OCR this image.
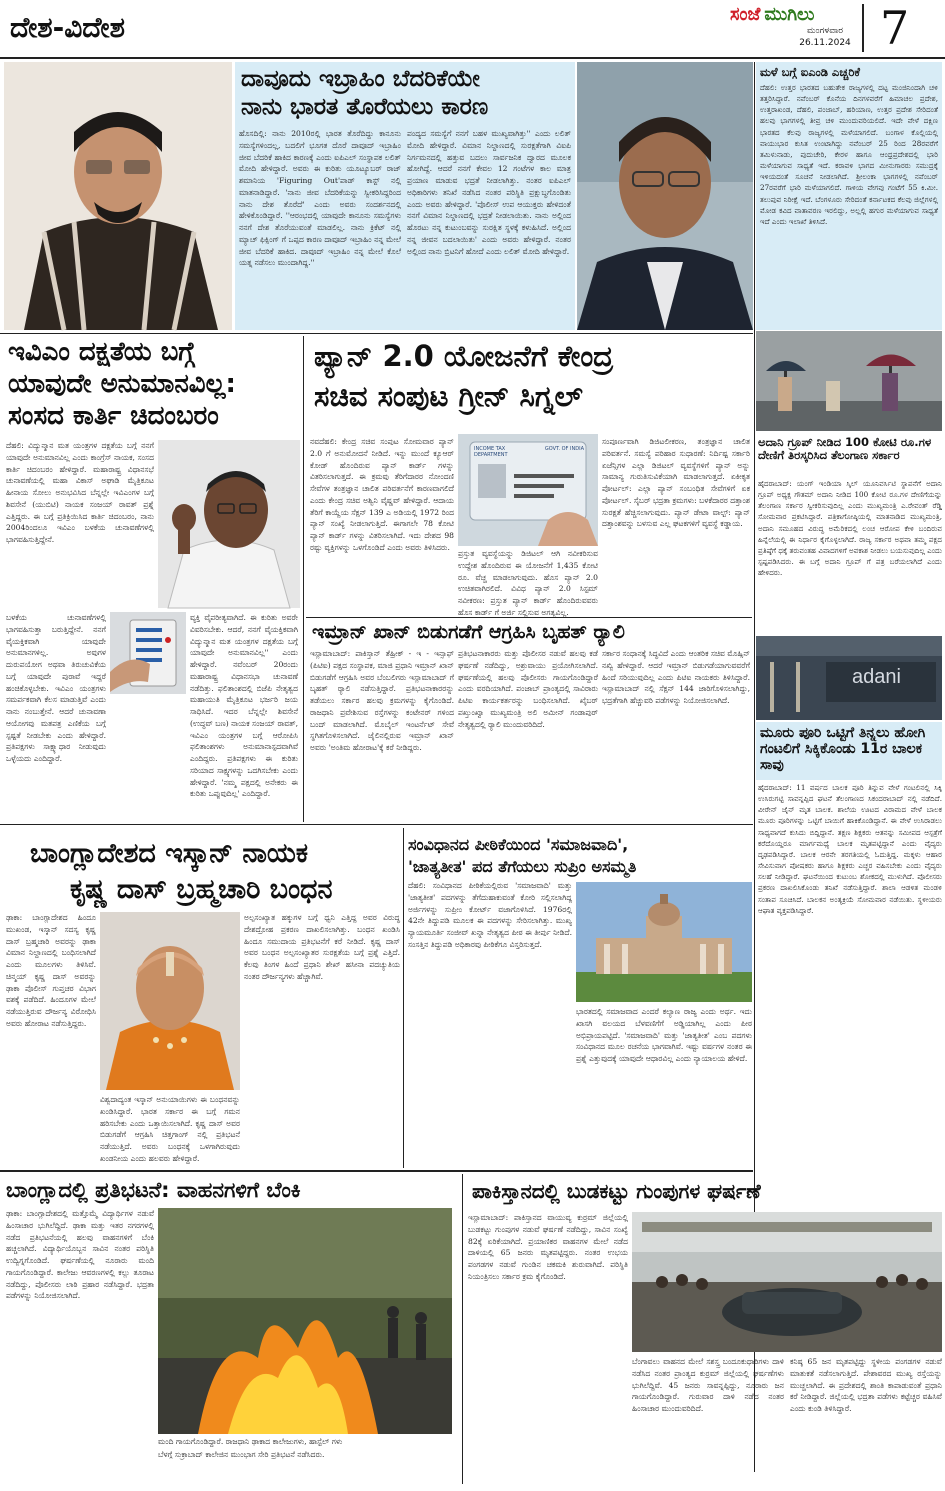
ದೇಶ-ವಿದೇಶ	ಸಂಜೆ ಮುಗಿಲು
ಮಂಗಳವಾರ
26.11.2024 7
ದಾವೂದು ಇಬ್ರಾಹಿಂ ಬೆದರಿಕೆಯೇ
ನಾನು ಭಾರತ ತೊರೆಯಲು ಕಾರಣ
ಹೊಸದಿಲ್ಲಿ: ನಾನು 2010ರಲ್ಲಿ ಭಾರತ ತೊರೆದಿದ್ದು ಕಾನೂನು ಸಮಸ್ಯೆಗಳಿಂದಲ್ಲ, ಬದಲಿಗೆ ಭೂಗತ ದೊರೆ ದಾವೂದ್ ಇಬ್ರಾಹಿಂ ಜೀವ ಬೆದರಿಕೆ ಹಾಕಿದ ಕಾರಣಕ್ಕೆ ಎಂದು ಐಪಿಎಲ್ ಸಂಸ್ಥಾಪಕ ಲಲಿತ್ ಮೋದಿ ಹೇಳಿದ್ದಾರೆ. ಅವರು ಈ ಕುರಿತು ಯೂಟ್ಯೂಬರ್ ರಾಜ್ ಶಮಾನಿಯ 'Figuring Out'ಪಾಡ್ ಕಾಸ್ಟ್ ನಲ್ಲಿ ಮಾತನಾಡಿದ್ದಾರೆ. 'ನಾನು ಜೀವ ಬೆದರಿಕೆಯನ್ನು ಸ್ವೀಕರಿಸಿದ್ದರಿಂದ ನಾನು ದೇಶ ತೊರೆದೆ' ಎಂದು ಅವರು ಸಂದರ್ಶನದಲ್ಲಿ ಹೇಳಿಕೊಂಡಿದ್ದಾರೆ. ''ಆರಂಭದಲ್ಲಿ ಯಾವುದೇ ಕಾನೂನು ಸಮಸ್ಯೆಗಳು ನನಗೆ ದೇಶ ತೊರೆಯುವಂತೆ ಮಾಡಲಿಲ್ಲ. ನಾನು ಕ್ರಿಕೆಟ್ ನಲ್ಲಿ ಮ್ಯಾಚ್ ಫಿಕ್ಸಿಂಗ್ ಗೆ ಒಪ್ಪದ ಕಾರಣ ದಾವೂದ್ ಇಬ್ರಾಹಿಂ ನನ್ನ ಮೇಲೆ ಜೀವ ಬೆದರಿಕೆ ಹಾಕಿದ. ದಾವೂದ್ ಇಬ್ರಾಹಿಂ ನನ್ನ ಮೇಲೆ ಕೊಲೆ ಯತ್ನ ನಡೆಸಲು ಮುಂದಾಗಿದ್ದ.''
ಪಂದ್ಯದ ಸಮಸ್ಯೆಗೆ ನನಗೆ ಬಹಳ ಮುಖ್ಯವಾಗಿತ್ತು'' ಎಂದು ಲಲಿತ್ ಮೋದಿ ಹೇಳಿದ್ದಾರೆ. ವಿಮಾನ ನಿಲ್ದಾಣದಲ್ಲಿ ಸುರಕ್ಷತೆಗಾಗಿ ವಿಐಪಿ ನಿರ್ಗಮನದಲ್ಲಿ ಹತ್ತುವ ಬದಲು ಸಾರ್ವಜನಿಕ ದ್ವಾರದ ಮೂಲಕ ಹೋಗಿದ್ದೆ. ಆದರೆ ನನಗೆ ಕೇವಲ 12 ಗಂಟೆಗಳ ಕಾಲ ಮಾತ್ರ ಪ್ರಯಾಣ ಮಾಡುವ ಭದ್ರತೆ ನೀಡಲಾಗಿತ್ತು. ನಂತರ ಐಪಿಎಲ್ ಅಧಿಕಾರಿಗಳು ತನಿಖೆ ನಡೆಸಿದ ನಂತರ ಪರಿಸ್ಥಿತಿ ಪ್ರಕ್ಷುಬ್ಧಗೊಂಡಿತು ಎಂದು ಅವರು ಹೇಳಿದ್ದಾರೆ. 'ಪೊಲೀಸ್ ಉಪ ಆಯುಕ್ತರು ಹೇಳಿದಂತೆ ನನಗೆ ವಿಮಾನ ನಿಲ್ದಾಣದಲ್ಲಿ ಭದ್ರತೆ ನೀಡಲಾಯಿತು. ನಾನು ಅಲ್ಲಿಂದ ಹೊರಟು ನನ್ನ ಕುಟುಂಬವನ್ನು ಸುರಕ್ಷಿತ ಸ್ಥಳಕ್ಕೆ ಕಳುಹಿಸಿದೆ. ಅಲ್ಲಿಂದ ನನ್ನ ಜೀವನ ಬದಲಾಯಿತು' ಎಂದು ಅವರು ಹೇಳಿದ್ದಾರೆ. ನಂತರ ಅಲ್ಲಿಂದ ನಾನು ಬ್ರಿಟನಿಗೆ ಹೋದೆ ಎಂದು ಲಲಿತ್ ಮೋದಿ ಹೇಳಿದ್ದಾರೆ.
ಮಳೆ ಬಗ್ಗೆ ಐಎಂಡಿ ಎಚ್ಚರಿಕೆ
ದೆಹಲಿ: ಉತ್ತರ ಭಾರತದ ಬಹುತೇಕ ರಾಜ್ಯಗಳಲ್ಲಿ ದಟ್ಟ ಮಂಜಿನಿಂದಾಗಿ ಚಳಿ ತತ್ತರಿಸಿದ್ದಾರೆ. ನವೆಂಬರ್ ಕೊನೆಯ ದಿನಗಳವರೆಗೆ ಹಿಮಾಚಲ ಪ್ರದೇಶ, ಉತ್ತರಾಖಂಡ, ದೆಹಲಿ, ಪಂಜಾಬ್, ಹರಿಯಾಣ, ಉತ್ತರ ಪ್ರದೇಶ ಸೇರಿದಂತೆ ಹಲವು ಭಾಗಗಳಲ್ಲಿ ತೀವ್ರ ಚಳಿ ಮುಂದುವರಿಯಲಿದೆ. ಇದೇ ವೇಳೆ ದಕ್ಷಿಣ ಭಾರತದ ಕೆಲವು ರಾಜ್ಯಗಳಲ್ಲಿ ಮಳೆಯಾಗಲಿದೆ. ಬಂಗಾಳ ಕೊಲ್ಲಿಯಲ್ಲಿ ವಾಯುಭಾರ ಕುಸಿತ ಉಂಟಾಗಿದ್ದು ನವೆಂಬರ್ 25 ರಿಂದ 28ರವರೆಗೆ ತಮಿಳುನಾಡು, ಪುದುಚೇರಿ, ಕೇರಳ ಹಾಗೂ ಆಂಧ್ರಪ್ರದೇಶದಲ್ಲಿ ಭಾರಿ ಮಳೆಯಾಗುವ ಸಾಧ್ಯತೆ ಇದೆ. ಕರಾವಳಿ ಭಾಗದ ಮೀನುಗಾರರು ಸಮುದ್ರಕ್ಕೆ ಇಳಿಯದಂತೆ ಸೂಚನೆ ನೀಡಲಾಗಿದೆ. ಶ್ರೀಲಂಕಾ ಭಾಗಗಳಲ್ಲಿ ನವೆಂಬರ್ 27ರವರೆಗೆ ಭಾರಿ ಮಳೆಯಾಗಲಿದೆ. ಗಾಳಿಯ ವೇಗವು ಗಂಟೆಗೆ 55 ಕಿ.ಮೀ. ತಲುಪುವ ನಿರೀಕ್ಷೆ ಇದೆ. ಬೆಂಗಳೂರು ಸೇರಿದಂತೆ ಕರ್ನಾಟಕದ ಕೆಲವು ಜಿಲ್ಲೆಗಳಲ್ಲಿ ಮೋಡ ಕವಿದ ವಾತಾವರಣ ಇರಲಿದ್ದು, ಅಲ್ಲಲ್ಲಿ ಹಗುರ ಮಳೆಯಾಗುವ ಸಾಧ್ಯತೆ ಇದೆ ಎಂದು ಇಲಾಖೆ ತಿಳಿಸಿದೆ.
ಇವಿಎಂ ದಕ್ಷತೆಯ ಬಗ್ಗೆ
ಯಾವುದೇ ಅನುಮಾನವಿಲ್ಲ:
ಸಂಸದ ಕಾರ್ತಿ ಚಿದಂಬರಂ
ದೆಹಲಿ: ವಿದ್ಯುನ್ಮಾನ ಮತ ಯಂತ್ರಗಳ ದಕ್ಷತೆಯ ಬಗ್ಗೆ ನನಗೆ ಯಾವುದೇ ಅನುಮಾನವಿಲ್ಲ ಎಂದು ಕಾಂಗ್ರೆಸ್ ನಾಯಕ, ಸಂಸದ ಕಾರ್ತಿ ಚಿದಂಬರಂ ಹೇಳಿದ್ದಾರೆ. ಮಹಾರಾಷ್ಟ್ರ ವಿಧಾನಸಭೆ ಚುನಾವಣೆಯಲ್ಲಿ ಮಹಾ ವಿಕಾಸ್ ಅಘಾಡಿ ಮೈತ್ರಿಕೂಟ ಹೀನಾಯ ಸೋಲು ಅನುಭವಿಸಿದ ಬೆನ್ನಲ್ಲೇ ಇವಿಎಂಗಳ ಬಗ್ಗೆ ಶಿವಸೇನೆ (ಯುಬಿಟಿ) ನಾಯಕ ಸಂಜಯ್ ರಾವತ್ ಪ್ರಶ್ನೆ ಎತ್ತಿದ್ದರು. ಈ ಬಗ್ಗೆ ಪ್ರತಿಕ್ರಿಯಿಸಿದ ಕಾರ್ತಿ ಚಿದಂಬರಂ, ನಾನು 2004ರಿಂದಲೂ ಇವಿಎಂ ಬಳಕೆಯ ಚುನಾವಣೆಗಳಲ್ಲಿ ಭಾಗವಹಿಸುತ್ತಿದ್ದೇನೆ.
ಬಳಕೆಯ ಚುನಾವಣೆಗಳಲ್ಲಿ ಭಾಗವಹಿಸುತ್ತಾ ಬರುತ್ತಿದ್ದೇನೆ. ನನಗೆ ವೈಯಕ್ತಿಕವಾಗಿ ಯಾವುದೇ ಅನುಮಾನಗಳಿಲ್ಲ. ಅವುಗಳ ದುರುಪಯೋಗ ಅಥವಾ ತಿರುಚುವಿಕೆಯ ಬಗ್ಗೆ ಯಾವುದೇ ಪುರಾವೆ ಇದ್ದರೆ ಹಂಚಿಕೊಳ್ಳಬೇಕು. ಇವಿಎಂ ಯಂತ್ರಗಳು ಸಮರ್ಪಕವಾಗಿ ಕೆಲಸ ಮಾಡುತ್ತಿವೆ ಎಂದು ನಾನು ನಂಬುತ್ತೇನೆ. ಆದರೆ ಚುನಾವಣಾ ಆಯೋಗವು ಮತಪತ್ರ ಎಣಿಕೆಯ ಬಗ್ಗೆ ಸ್ಪಷ್ಟತೆ ನೀಡಬೇಕು ಎಂದು ಹೇಳಿದ್ದಾರೆ. ಪ್ರತಿಪಕ್ಷಗಳು ಸಾಕ್ಷ್ಯಾಧಾರ ನೀಡುವುದು ಒಳ್ಳೆಯದು ಎಂದಿದ್ದಾರೆ.
ವ್ಯಕ್ತಿ ವೈಪರೀತ್ಯವಾಗಿದೆ. ಈ ಕುರಿತು ಅವರೇ ವಿವರಿಸಬೇಕು. ಆದರೆ, ನನಗೆ ವೈಯಕ್ತಿಕವಾಗಿ ವಿದ್ಯುನ್ಮಾನ ಮತ ಯಂತ್ರಗಳ ದಕ್ಷತೆಯ ಬಗ್ಗೆ ಯಾವುದೇ ಅನುಮಾನವಿಲ್ಲ'' ಎಂದು ಹೇಳಿದ್ದಾರೆ. ನವೆಂಬರ್ 20ರಂದು ಮಹಾರಾಷ್ಟ್ರ ವಿಧಾನಸಭಾ ಚುನಾವಣೆ ನಡೆದಿತ್ತು. ಫಲಿತಾಂಶದಲ್ಲಿ ಬಿಜೆಪಿ ನೇತೃತ್ವದ ಮಹಾಯುತಿ ಮೈತ್ರಿಕೂಟ ಭರ್ಜರಿ ಜಯ ಸಾಧಿಸಿದೆ. ಇದರ ಬೆನ್ನಲ್ಲೇ ಶಿವಸೇನೆ (ಉದ್ಧವ್ ಬಣ) ನಾಯಕ ಸಂಜಯ್ ರಾವತ್, ಇವಿಎಂ ಯಂತ್ರಗಳ ಬಗ್ಗೆ ಆರೋಪಿಸಿ ಫಲಿತಾಂಶಗಳು ಅನುಮಾನಾಸ್ಪದವಾಗಿವೆ ಎಂದಿದ್ದರು. ಪ್ರತಿಪಕ್ಷಗಳು ಈ ಕುರಿತು ಸರಿಯಾದ ಸಾಕ್ಷ್ಯಗಳನ್ನು ಒದಗಿಸಬೇಕು ಎಂದು ಹೇಳಿದ್ದಾರೆ. 'ನಮ್ಮ ಪಕ್ಷದಲ್ಲಿ ಅನೇಕರು ಈ ಕುರಿತು ಒಪ್ಪುವುದಿಲ್ಲ' ಎಂದಿದ್ದಾರೆ.
ಪ್ಯಾನ್ 2.0 ಯೋಜನೆಗೆ ಕೇಂದ್ರ
ಸಚಿವ ಸಂಪುಟ ಗ್ರೀನ್ ಸಿಗ್ನಲ್
ನವದೆಹಲಿ: ಕೇಂದ್ರ ಸಚಿವ ಸಂಪುಟ ಸೋಮವಾರ ಪ್ಯಾನ್ 2.0 ಗೆ ಅನುಮೋದನೆ ನೀಡಿದೆ. ಇನ್ನು ಮುಂದೆ ಕ್ಯೂಆರ್ ಕೋಡ್ ಹೊಂದಿರುವ ಪ್ಯಾನ್ ಕಾರ್ಡ್ ಗಳನ್ನು ವಿತರಿಸಲಾಗುತ್ತದೆ. ಈ ಕ್ರಮವು ತೆರಿಗೆದಾರರ ನೋಂದಣಿ ಸೇವೆಗಳ ತಂತ್ರಜ್ಞಾನ ಚಾಲಿತ ಪರಿವರ್ತನೆಗೆ ಕಾರಣವಾಗಲಿದೆ ಎಂದು ಕೇಂದ್ರ ಸಚಿವ ಅಶ್ವಿನಿ ವೈಷ್ಣವ್ ಹೇಳಿದ್ದಾರೆ. ಆದಾಯ ತೆರಿಗೆ ಕಾಯ್ದೆಯ ಸೆಕ್ಷನ್ 139 ಎ ಅಡಿಯಲ್ಲಿ 1972 ರಿಂದ ಪ್ಯಾನ್ ಸಂಖ್ಯೆ ನೀಡಲಾಗುತ್ತಿದೆ. ಈಗಾಗಲೇ 78 ಕೋಟಿ ಪ್ಯಾನ್ ಕಾರ್ಡ್ ಗಳನ್ನು ವಿತರಿಸಲಾಗಿದೆ. ಇದು ದೇಶದ 98 ರಷ್ಟು ವ್ಯಕ್ತಿಗಳನ್ನು ಒಳಗೊಂಡಿದೆ ಎಂದು ಅವರು ತಿಳಿಸಿದರು.
INCOME TAX DEPARTMENT
GOVT. OF INDIA
ಪ್ರಸ್ತುತ ವ್ಯವಸ್ಥೆಯನ್ನು ಡಿಜಿಟಲ್ ಆಗಿ ನವೀಕರಿಸುವ ಉದ್ದೇಶ ಹೊಂದಿರುವ ಈ ಯೋಜನೆಗೆ 1,435 ಕೋಟಿ ರೂ. ವೆಚ್ಚ ಮಾಡಲಾಗುವುದು. ಹೊಸ ಪ್ಯಾನ್ 2.0 ಉಚಿತವಾಗಿರಲಿದೆ. ವಿವಿಧ ಪ್ಯಾನ್ 2.0 ಸಿಸ್ಟಮ್ ನವೀಕರಣ: ಪ್ರಸ್ತುತ ಪ್ಯಾನ್ ಕಾರ್ಡ್ ಹೊಂದಿರುವವರು ಹೊಸ ಕಾರ್ಡ್ ಗೆ ಅರ್ಜಿ ಸಲ್ಲಿಸುವ ಅಗತ್ಯವಿಲ್ಲ.
ಸಂಪೂರ್ಣವಾಗಿ ಡಿಜಿಟಲೀಕರಣ, ತಂತ್ರಜ್ಞಾನ ಚಾಲಿತ ಪರಿವರ್ತನೆ. ಸಮಸ್ಯೆ ಪರಿಹಾರ ಸುಧಾರಣೆ: ನಿರ್ದಿಷ್ಟ ಸರ್ಕಾರಿ ಏಜೆನ್ಸಿಗಳ ಎಲ್ಲಾ ಡಿಜಿಟಲ್ ವ್ಯವಸ್ಥೆಗಳಿಗೆ ಪ್ಯಾನ್ ಅನ್ನು ಸಾಮಾನ್ಯ ಗುರುತಿಸುವಿಕೆಯಾಗಿ ಮಾಡಲಾಗುತ್ತದೆ. ಏಕೀಕೃತ ಪೋರ್ಟಲ್: ಎಲ್ಲಾ ಪ್ಯಾನ್ ಸಂಬಂಧಿತ ಸೇವೆಗಳಿಗೆ ಏಕ ಪೋರ್ಟಲ್. ಸೈಬರ್ ಭದ್ರತಾ ಕ್ರಮಗಳು: ಬಳಕೆದಾರರ ದತ್ತಾಂಶ ಸುರಕ್ಷತೆ ಹೆಚ್ಚಿಸಲಾಗುವುದು. ಪ್ಯಾನ್ ಡೇಟಾ ವಾಲ್ಟ್: ಪ್ಯಾನ್ ದತ್ತಾಂಶವನ್ನು ಬಳಸುವ ಎಲ್ಲ ಘಟಕಗಳಿಗೆ ವ್ಯವಸ್ಥೆ ಕಡ್ಡಾಯ.
ಇಮ್ರಾನ್ ಖಾನ್ ಬಿಡುಗಡೆಗೆ ಆಗ್ರಹಿಸಿ ಬೃಹತ್ ರ‍್ಯಾಲಿ
ಇಸ್ಲಾಮಾಬಾದ್: ಪಾಕಿಸ್ತಾನ್ ತೆಹ್ರೀಕ್ - ಇ - ಇನ್ಸಾಫ್ (ಪಿಟಿಐ) ಪಕ್ಷದ ಸಂಸ್ಥಾಪಕ, ಮಾಜಿ ಪ್ರಧಾನಿ ಇಮ್ರಾನ್ ಖಾನ್ ಬಿಡುಗಡೆಗೆ ಆಗ್ರಹಿಸಿ ಅವರ ಬೆಂಬಲಿಗರು ಇಸ್ಲಾಮಾಬಾದ್ ಗೆ ಬೃಹತ್ ರ‍್ಯಾಲಿ ನಡೆಸುತ್ತಿದ್ದಾರೆ. ಪ್ರತಿಭಟನಾಕಾರರನ್ನು ತಡೆಯಲು ಸರ್ಕಾರ ಹಲವು ಕ್ರಮಗಳನ್ನು ಕೈಗೊಂಡಿದೆ. ರಾಜಧಾನಿ ಪ್ರವೇಶಿಸುವ ರಸ್ತೆಗಳನ್ನು ಕಂಟೇನರ್ ಗಳಿಂದ ಬಂದ್ ಮಾಡಲಾಗಿದೆ. ಮೊಬೈಲ್ ಇಂಟರ್ನೆಟ್ ಸೇವೆ ಸ್ಥಗಿತಗೊಳಿಸಲಾಗಿದೆ. ಜೈಲಿನಲ್ಲಿರುವ ಇಮ್ರಾನ್ ಖಾನ್ ಅವರು 'ಅಂತಿಮ ಹೋರಾಟ'ಕ್ಕೆ ಕರೆ ನೀಡಿದ್ದರು.
ಪ್ರತಿಭಟನಾಕಾರರು ಮತ್ತು ಪೊಲೀಸರ ನಡುವೆ ಹಲವು ಕಡೆ ಘರ್ಷಣೆ ನಡೆದಿದ್ದು, ಅಶ್ರುವಾಯು ಪ್ರಯೋಗಿಸಲಾಗಿದೆ. ಘರ್ಷಣೆಯಲ್ಲಿ ಹಲವು ಪೊಲೀಸರು ಗಾಯಗೊಂಡಿದ್ದಾರೆ ಎಂದು ವರದಿಯಾಗಿದೆ. ಪಂಜಾಬ್ ಪ್ರಾಂತ್ಯದಲ್ಲಿ ಸಾವಿರಾರು ಪಿಟಿಐ ಕಾರ್ಯಕರ್ತರನ್ನು ಬಂಧಿಸಲಾಗಿದೆ. ಖೈಬರ್ ಪಖ್ತುಂಖ್ವಾ ಮುಖ್ಯಮಂತ್ರಿ ಅಲಿ ಅಮೀನ್ ಗಂಡಾಪುರ್ ನೇತೃತ್ವದಲ್ಲಿ ರ‍್ಯಾಲಿ ಮುಂದುವರಿದಿದೆ.
ಸರ್ಕಾರ ಸಂಧಾನಕ್ಕೆ ಸಿದ್ಧವಿದೆ ಎಂದು ಆಂತರಿಕ ಸಚಿವ ಮೊಹ್ಸಿನ್ ನಖ್ವಿ ಹೇಳಿದ್ದಾರೆ. ಆದರೆ ಇಮ್ರಾನ್ ಬಿಡುಗಡೆಯಾಗುವವರೆಗೆ ಹಿಂದೆ ಸರಿಯುವುದಿಲ್ಲ ಎಂದು ಪಿಟಿಐ ನಾಯಕರು ತಿಳಿಸಿದ್ದಾರೆ. ಇಸ್ಲಾಮಾಬಾದ್ ನಲ್ಲಿ ಸೆಕ್ಷನ್ 144 ಜಾರಿಗೊಳಿಸಲಾಗಿದ್ದು, ಭದ್ರತೆಗಾಗಿ ಹೆಚ್ಚುವರಿ ಪಡೆಗಳನ್ನು ನಿಯೋಜಿಸಲಾಗಿದೆ.
ಅದಾನಿ ಗ್ರೂಪ್ ನೀಡಿದ 100 ಕೋಟಿ ರೂ.ಗಳ ದೇಣಿಗೆ ತಿರಸ್ಕರಿಸಿದ ತೆಲಂಗಾಣ ಸರ್ಕಾರ
ಹೈದರಾಬಾದ್: ಯಂಗ್ ಇಂಡಿಯಾ ಸ್ಕಿಲ್ ಯೂನಿವರ್ಸಿಟಿ ಸ್ಥಾಪನೆಗೆ ಅದಾನಿ ಗ್ರೂಪ್ ಅಧ್ಯಕ್ಷ ಗೌತಮ್ ಅದಾನಿ ನೀಡಿದ 100 ಕೋಟಿ ರೂ.ಗಳ ದೇಣಿಗೆಯನ್ನು ತೆಲಂಗಾಣ ಸರ್ಕಾರ ಸ್ವೀಕರಿಸುವುದಿಲ್ಲ ಎಂದು ಮುಖ್ಯಮಂತ್ರಿ ಎ.ರೇವಂತ್ ರೆಡ್ಡಿ ಸೋಮವಾರ ಪ್ರಕಟಿಸಿದ್ದಾರೆ. ಪತ್ರಿಕಾಗೋಷ್ಠಿಯಲ್ಲಿ ಮಾತನಾಡಿದ ಮುಖ್ಯಮಂತ್ರಿ, ಅದಾನಿ ಸಮೂಹದ ವಿರುದ್ಧ ಅಮೆರಿಕದಲ್ಲಿ ಲಂಚ ಆರೋಪ ಕೇಳಿ ಬಂದಿರುವ ಹಿನ್ನೆಲೆಯಲ್ಲಿ ಈ ನಿರ್ಧಾರ ಕೈಗೊಳ್ಳಲಾಗಿದೆ. ರಾಜ್ಯ ಸರ್ಕಾರ ಅಥವಾ ತಮ್ಮ ಪಕ್ಷದ ಪ್ರತಿಷ್ಠೆಗೆ ಧಕ್ಕೆ ತರುವಂತಹ ವಿವಾದಗಳಿಗೆ ಅವಕಾಶ ನೀಡಲು ಬಯಸುವುದಿಲ್ಲ ಎಂದು ಸ್ಪಷ್ಟಪಡಿಸಿದರು. ಈ ಬಗ್ಗೆ ಅದಾನಿ ಗ್ರೂಪ್ ಗೆ ಪತ್ರ ಬರೆಯಲಾಗಿದೆ ಎಂದು ಹೇಳಿದರು.
adani
ಮೂರು ಪೂರಿ ಒಟ್ಟಿಗೆ ತಿನ್ನಲು ಹೋಗಿ ಗಂಟಲಿಗೆ ಸಿಕ್ಕಿಕೊಂಡು 11ರ ಬಾಲಕ ಸಾವು
ಹೈದರಾಬಾದ್: 11 ವರ್ಷದ ಬಾಲಕ ಪೂರಿ ತಿನ್ನುವ ವೇಳೆ ಗಂಟಲಿನಲ್ಲಿ ಸಿಕ್ಕಿ ಉಸಿರುಗಟ್ಟಿ ಸಾವನ್ನಪ್ಪಿದ ಘಟನೆ ತೆಲಂಗಾಣದ ಸಿಕಂದರಾಬಾದ್ ನಲ್ಲಿ ನಡೆದಿದೆ. ವೀರೇನ್ ಜೈನ್ ಮೃತ ಬಾಲಕ. ಶಾಲೆಯ ಊಟದ ವಿರಾಮದ ವೇಳೆ ಬಾಲಕ ಮೂರು ಪೂರಿಗಳನ್ನು ಒಟ್ಟಿಗೆ ಬಾಯಿಗೆ ಹಾಕಿಕೊಂಡಿದ್ದಾನೆ. ಈ ವೇಳೆ ಉಸಿರಾಡಲು ಸಾಧ್ಯವಾಗದೆ ಕುಸಿದು ಬಿದ್ದಿದ್ದಾನೆ. ತಕ್ಷಣ ಶಿಕ್ಷಕರು ಆತನನ್ನು ಸಮೀಪದ ಆಸ್ಪತ್ರೆಗೆ ಕರೆದೊಯ್ದರೂ ಮಾರ್ಗಮಧ್ಯೆ ಬಾಲಕ ಮೃತಪಟ್ಟಿದ್ದಾನೆ ಎಂದು ವೈದ್ಯರು ದೃಢಪಡಿಸಿದ್ದಾರೆ. ಬಾಲಕ ಆರನೇ ತರಗತಿಯಲ್ಲಿ ಓದುತ್ತಿದ್ದ. ಮಕ್ಕಳು ಆಹಾರ ಸೇವಿಸುವಾಗ ಪೋಷಕರು ಹಾಗೂ ಶಿಕ್ಷಕರು ಎಚ್ಚರ ವಹಿಸಬೇಕು ಎಂದು ವೈದ್ಯರು ಸಲಹೆ ನೀಡಿದ್ದಾರೆ. ಘಟನೆಯಿಂದ ಕುಟುಂಬ ಶೋಕದಲ್ಲಿ ಮುಳುಗಿದೆ. ಪೊಲೀಸರು ಪ್ರಕರಣ ದಾಖಲಿಸಿಕೊಂಡು ತನಿಖೆ ನಡೆಸುತ್ತಿದ್ದಾರೆ. ಶಾಲಾ ಆಡಳಿತ ಮಂಡಳಿ ಸಂತಾಪ ಸೂಚಿಸಿದೆ. ಬಾಲಕನ ಅಂತ್ಯಕ್ರಿಯೆ ಸೋಮವಾರ ನಡೆಯಿತು. ಸ್ಥಳೀಯರು ಆಘಾತ ವ್ಯಕ್ತಪಡಿಸಿದ್ದಾರೆ.
ಬಾಂಗ್ಲಾದೇಶದ ಇಸ್ಕಾನ್ ನಾಯಕ
ಕೃಷ್ಣ ದಾಸ್ ಬ್ರಹ್ಮಚಾರಿ ಬಂಧನ
ಢಾಕಾ: ಬಾಂಗ್ಲಾದೇಶದ ಹಿಂದೂ ಮುಖಂಡ, ಇಸ್ಕಾನ್ ಸದಸ್ಯ ಕೃಷ್ಣ ದಾಸ್ ಬ್ರಹ್ಮಚಾರಿ ಅವರನ್ನು ಢಾಕಾ ವಿಮಾನ ನಿಲ್ದಾಣದಲ್ಲಿ ಬಂಧಿಸಲಾಗಿದೆ ಎಂದು ಮೂಲಗಳು ತಿಳಿಸಿವೆ. ಚಿನ್ಮಯ್ ಕೃಷ್ಣ ದಾಸ್ ಅವರನ್ನು ಢಾಕಾ ಪೊಲೀಸ್ ಗುಪ್ತಚರ ವಿಭಾಗ ವಶಕ್ಕೆ ಪಡೆದಿದೆ. ಹಿಂದೂಗಳ ಮೇಲೆ ನಡೆಯುತ್ತಿರುವ ದೌರ್ಜನ್ಯ ವಿರೋಧಿಸಿ ಅವರು ಹೋರಾಟ ನಡೆಸುತ್ತಿದ್ದರು.
ಅಲ್ಪಸಂಖ್ಯಾತ ಹಕ್ಕುಗಳ ಬಗ್ಗೆ ಧ್ವನಿ ಎತ್ತಿದ್ದ ಅವರ ವಿರುದ್ಧ ದೇಶದ್ರೋಹ ಪ್ರಕರಣ ದಾಖಲಿಸಲಾಗಿತ್ತು. ಬಂಧನ ಖಂಡಿಸಿ ಹಿಂದೂ ಸಮುದಾಯ ಪ್ರತಿಭಟನೆಗೆ ಕರೆ ನೀಡಿದೆ. ಕೃಷ್ಣ ದಾಸ್ ಅವರ ಬಂಧನ ಅಲ್ಪಸಂಖ್ಯಾತರ ಸುರಕ್ಷತೆಯ ಬಗ್ಗೆ ಪ್ರಶ್ನೆ ಎತ್ತಿದೆ. ಕೆಲವು ತಿಂಗಳ ಹಿಂದೆ ಪ್ರಧಾನಿ ಶೇಖ್ ಹಸೀನಾ ಪದಚ್ಯುತಿಯ ನಂತರ ದೌರ್ಜನ್ಯಗಳು ಹೆಚ್ಚಾಗಿವೆ.
ವಿಶ್ವದಾದ್ಯಂತ ಇಸ್ಕಾನ್ ಅನುಯಾಯಿಗಳು ಈ ಬಂಧನವನ್ನು ಖಂಡಿಸಿದ್ದಾರೆ. ಭಾರತ ಸರ್ಕಾರ ಈ ಬಗ್ಗೆ ಗಮನ ಹರಿಸಬೇಕು ಎಂದು ಒತ್ತಾಯಿಸಲಾಗಿದೆ. ಕೃಷ್ಣ ದಾಸ್ ಅವರ ಬಿಡುಗಡೆಗೆ ಆಗ್ರಹಿಸಿ ಚಿತ್ತಗಾಂಗ್ ನಲ್ಲಿ ಪ್ರತಿಭಟನೆ ನಡೆಯುತ್ತಿದೆ. ಅವರು ಬಂಧನಕ್ಕೆ ಒಳಗಾಗಿರುವುದು ಖಂಡನೀಯ ಎಂದು ಹಲವರು ಹೇಳಿದ್ದಾರೆ.
ಸಂವಿಧಾನದ ಪೀಠಿಕೆಯಿಂದ 'ಸಮಾಜವಾದಿ',
'ಜಾತ್ಯತೀತ' ಪದ ತೆಗೆಯಲು ಸುಪ್ರಿಂ ಅಸಮ್ಮತಿ
ದೆಹಲಿ: ಸಂವಿಧಾನದ ಪೀಠಿಕೆಯಲ್ಲಿರುವ 'ಸಮಾಜವಾದಿ' ಮತ್ತು 'ಜಾತ್ಯತೀತ' ಪದಗಳನ್ನು ತೆಗೆದುಹಾಕುವಂತೆ ಕೋರಿ ಸಲ್ಲಿಸಲಾಗಿದ್ದ ಅರ್ಜಿಗಳನ್ನು ಸುಪ್ರೀಂ ಕೋರ್ಟ್ ವಜಾಗೊಳಿಸಿದೆ. 1976ರಲ್ಲಿ 42ನೇ ತಿದ್ದುಪಡಿ ಮೂಲಕ ಈ ಪದಗಳನ್ನು ಸೇರಿಸಲಾಗಿತ್ತು. ಮುಖ್ಯ ನ್ಯಾಯಮೂರ್ತಿ ಸಂಜೀವ್ ಖನ್ನಾ ನೇತೃತ್ವದ ಪೀಠ ಈ ತೀರ್ಪು ನೀಡಿದೆ. ಸಂಸತ್ತಿನ ತಿದ್ದುಪಡಿ ಅಧಿಕಾರವು ಪೀಠಿಕೆಗೂ ವಿಸ್ತರಿಸುತ್ತದೆ.
ಭಾರತದಲ್ಲಿ ಸಮಾಜವಾದ ಎಂದರೆ ಕಲ್ಯಾಣ ರಾಜ್ಯ ಎಂದು ಅರ್ಥ. ಇದು ಖಾಸಗಿ ವಲಯದ ಬೆಳವಣಿಗೆಗೆ ಅಡ್ಡಿಯಾಗಿಲ್ಲ ಎಂದು ಪೀಠ ಅಭಿಪ್ರಾಯಪಟ್ಟಿದೆ. 'ಸಮಾಜವಾದಿ' ಮತ್ತು 'ಜಾತ್ಯತೀತ' ಎಂಬ ಪದಗಳು ಸಂವಿಧಾನದ ಮೂಲ ರಚನೆಯ ಭಾಗವಾಗಿವೆ. ಇಷ್ಟು ವರ್ಷಗಳ ನಂತರ ಈ ಪ್ರಶ್ನೆ ಎತ್ತುವುದಕ್ಕೆ ಯಾವುದೇ ಆಧಾರವಿಲ್ಲ ಎಂದು ನ್ಯಾಯಾಲಯ ಹೇಳಿದೆ.
ಬಾಂಗ್ಲಾದಲ್ಲಿ ಪ್ರತಿಭಟನೆ: ವಾಹನಗಳಿಗೆ ಬೆಂಕಿ
ಢಾಕಾ: ಬಾಂಗ್ಲಾದೇಶದಲ್ಲಿ ಮತ್ತೊಮ್ಮೆ ವಿದ್ಯಾರ್ಥಿಗಳ ನಡುವೆ ಹಿಂಸಾಚಾರ ಭುಗಿಲೆದ್ದಿದೆ. ಢಾಕಾ ಮತ್ತು ಇತರ ನಗರಗಳಲ್ಲಿ ನಡೆದ ಪ್ರತಿಭಟನೆಯಲ್ಲಿ ಹಲವು ವಾಹನಗಳಿಗೆ ಬೆಂಕಿ ಹಚ್ಚಲಾಗಿದೆ. ವಿದ್ಯಾರ್ಥಿಯೊಬ್ಬನ ಸಾವಿನ ನಂತರ ಪರಿಸ್ಥಿತಿ ಉದ್ವಿಗ್ನಗೊಂಡಿದೆ. ಘರ್ಷಣೆಯಲ್ಲಿ ನೂರಾರು ಮಂದಿ ಗಾಯಗೊಂಡಿದ್ದಾರೆ. ಕಾಲೇಜು ಆವರಣಗಳಲ್ಲಿ ಕಲ್ಲು ತೂರಾಟ ನಡೆದಿದ್ದು, ಪೊಲೀಸರು ಲಾಠಿ ಪ್ರಹಾರ ನಡೆಸಿದ್ದಾರೆ. ಭದ್ರತಾ ಪಡೆಗಳನ್ನು ನಿಯೋಜಿಸಲಾಗಿದೆ.
ಮಂದಿ ಗಾಯಗೊಂಡಿದ್ದಾರೆ. ರಾಜಧಾನಿ ಢಾಕಾದ ಕಾಲೇಜುಗಳು, ಹಾಸ್ಟೆಲ್ ಗಳು
ಬೆಳಗ್ಗೆ ಸುಕ್ರಾಬಾದ್ ಕಾಲೇಜಿನ ಮುಂಭಾಗ ಸೇರಿ ಪ್ರತಿಭಟನೆ ನಡೆಸಿದರು.
ಪಾಕಿಸ್ತಾನದಲ್ಲಿ ಬುಡಕಟ್ಟು ಗುಂಪುಗಳ ಘರ್ಷಣೆ
ಇಸ್ಲಾಮಾಬಾದ್: ಪಾಕಿಸ್ತಾನದ ವಾಯುವ್ಯ ಕುರ್ರಮ್ ಜಿಲ್ಲೆಯಲ್ಲಿ ಬುಡಕಟ್ಟು ಗುಂಪುಗಳ ನಡುವೆ ಘರ್ಷಣೆ ನಡೆದಿದ್ದು, ಸಾವಿನ ಸಂಖ್ಯೆ 82ಕ್ಕೆ ಏರಿಕೆಯಾಗಿದೆ. ಪ್ರಯಾಣಿಕರ ವಾಹನಗಳ ಮೇಲೆ ನಡೆದ ದಾಳಿಯಲ್ಲಿ 65 ಜನರು ಮೃತಪಟ್ಟಿದ್ದರು. ನಂತರ ಉಭಯ ಪಂಗಡಗಳ ನಡುವೆ ಗುಂಡಿನ ಚಕಮಕಿ ಶುರುವಾಗಿದೆ. ಪರಿಸ್ಥಿತಿ ನಿಯಂತ್ರಿಸಲು ಸರ್ಕಾರ ಕ್ರಮ ಕೈಗೊಂಡಿದೆ.
ಬೆಂಗಾವಲು ವಾಹನದ ಮೇಲೆ ಸಶಸ್ತ್ರ ಬಂದೂಕುಧಾರಿಗಳು ದಾಳಿ ನಡೆಸಿದ ನಂತರ ಪ್ರಾಂತ್ಯದ ಕುರ್ರಮ್ ಜಿಲ್ಲೆಯಲ್ಲಿ ಘರ್ಷಣೆಗಳು ಭುಗಿಲೆದ್ದಿವೆ. 45 ಜನರು ಸಾವನ್ನಪ್ಪಿದ್ದು, ನೂರಾರು ಜನ ಗಾಯಗೊಂಡಿದ್ದಾರೆ. ಗುರುವಾರ ದಾಳಿ ನಡೆದ ನಂತರ ಹಿಂಸಾಚಾರ ಮುಂದುವರಿದಿದೆ.
ಕನಿಷ್ಠ 65 ಜನ ಮೃತಪಟ್ಟಿದ್ದು ಸ್ಥಳೀಯ ಪಂಗಡಗಳ ನಡುವೆ ಮಾತುಕತೆ ನಡೆಸಲಾಗುತ್ತಿದೆ. ಪೇಶಾವರದ ಮುಖ್ಯ ರಸ್ತೆಯನ್ನು ಮುಚ್ಚಲಾಗಿದೆ. ಈ ಪ್ರದೇಶದಲ್ಲಿ ಶಾಂತಿ ಕಾಪಾಡುವಂತೆ ಪ್ರಧಾನಿ ಕರೆ ನೀಡಿದ್ದಾರೆ. ಜಿಲ್ಲೆಯಲ್ಲಿ ಭದ್ರತಾ ಪಡೆಗಳು ಕಟ್ಟೆಚ್ಚರ ವಹಿಸಿವೆ ಎಂದು ಕುಂಡಿ ತಿಳಿಸಿದ್ದಾರೆ.
